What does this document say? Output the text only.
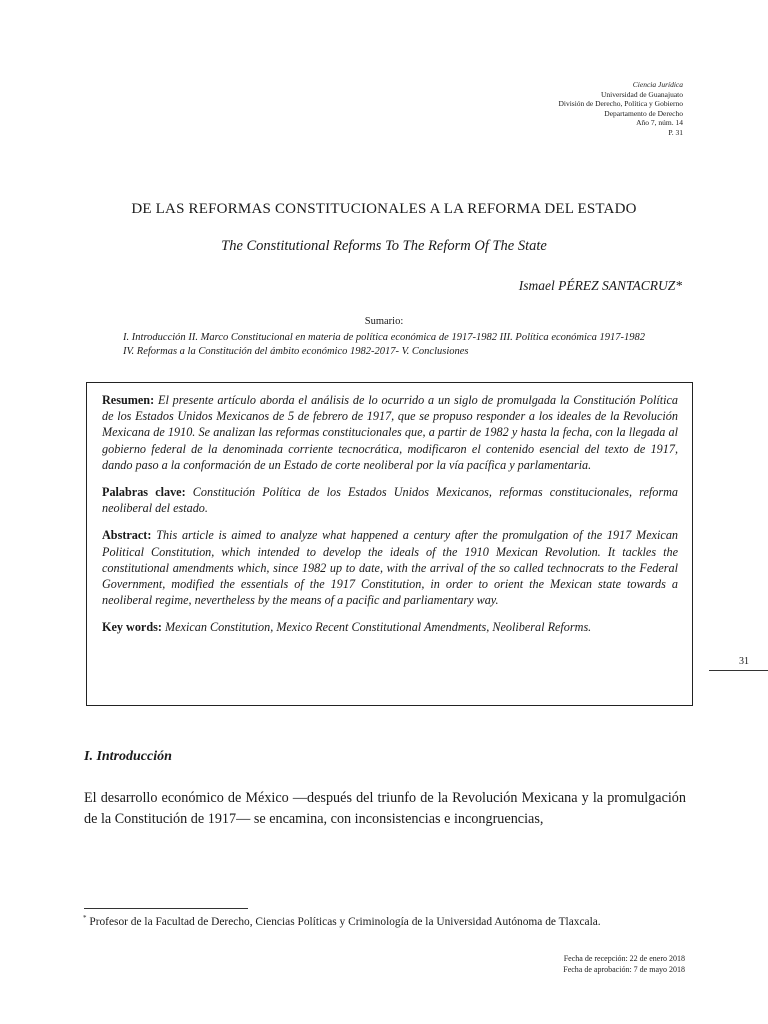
Ciencia Jurídica
Universidad de Guanajuato
División de Derecho, Política y Gobierno
Departamento de Derecho
Año 7, núm. 14
P. 31
DE LAS REFORMAS CONSTITUCIONALES A LA REFORMA DEL ESTADO
The Constitutional Reforms To The Reform Of The State
Ismael PÉREZ SANTACRUZ*
Sumario:
I. Introducción II. Marco Constitucional en materia de política económica de 1917-1982 III. Política económica 1917-1982 IV. Reformas a la Constitución del ámbito económico 1982-2017- V. Conclusiones

Resumen: El presente artículo aborda el análisis de lo ocurrido a un siglo de promulgada la Constitución Política de los Estados Unidos Mexicanos de 5 de febrero de 1917, que se propuso responder a los ideales de la Revolución Mexicana de 1910. Se analizan las reformas constitucionales que, a partir de 1982 y hasta la fecha, con la llegada al gobierno federal de la denominada corriente tecnocrática, modificaron el contenido esencial del texto de 1917, dando paso a la conformación de un Estado de corte neoliberal por la vía pacífica y parlamentaria.

Palabras clave: Constitución Política de los Estados Unidos Mexicanos, reformas constitucionales, reforma neoliberal del estado.

Abstract: This article is aimed to analyze what happened a century after the promulgation of the 1917 Mexican Political Constitution, which intended to develop the ideals of the 1910 Mexican Revolution. It tackles the constitutional amendments which, since 1982 up to date, with the arrival of the so called technocrats to the Federal Government, modified the essentials of the 1917 Constitution, in order to orient the Mexican state towards a neoliberal regime, nevertheless by the means of a pacific and parliamentary way.

Key words: Mexican Constitution, Mexico Recent Constitutional Amendments, Neoliberal Reforms.

31
I. Introducción
El desarrollo económico de México —después del triunfo de la Revolución Mexicana y la promulgación de la Constitución de 1917— se encamina, con inconsistencias e incongruencias,
* Profesor de la Facultad de Derecho, Ciencias Políticas y Criminología de la Universidad Autónoma de Tlaxcala.
Fecha de recepción: 22 de enero 2018
Fecha de aprobación: 7 de mayo 2018
